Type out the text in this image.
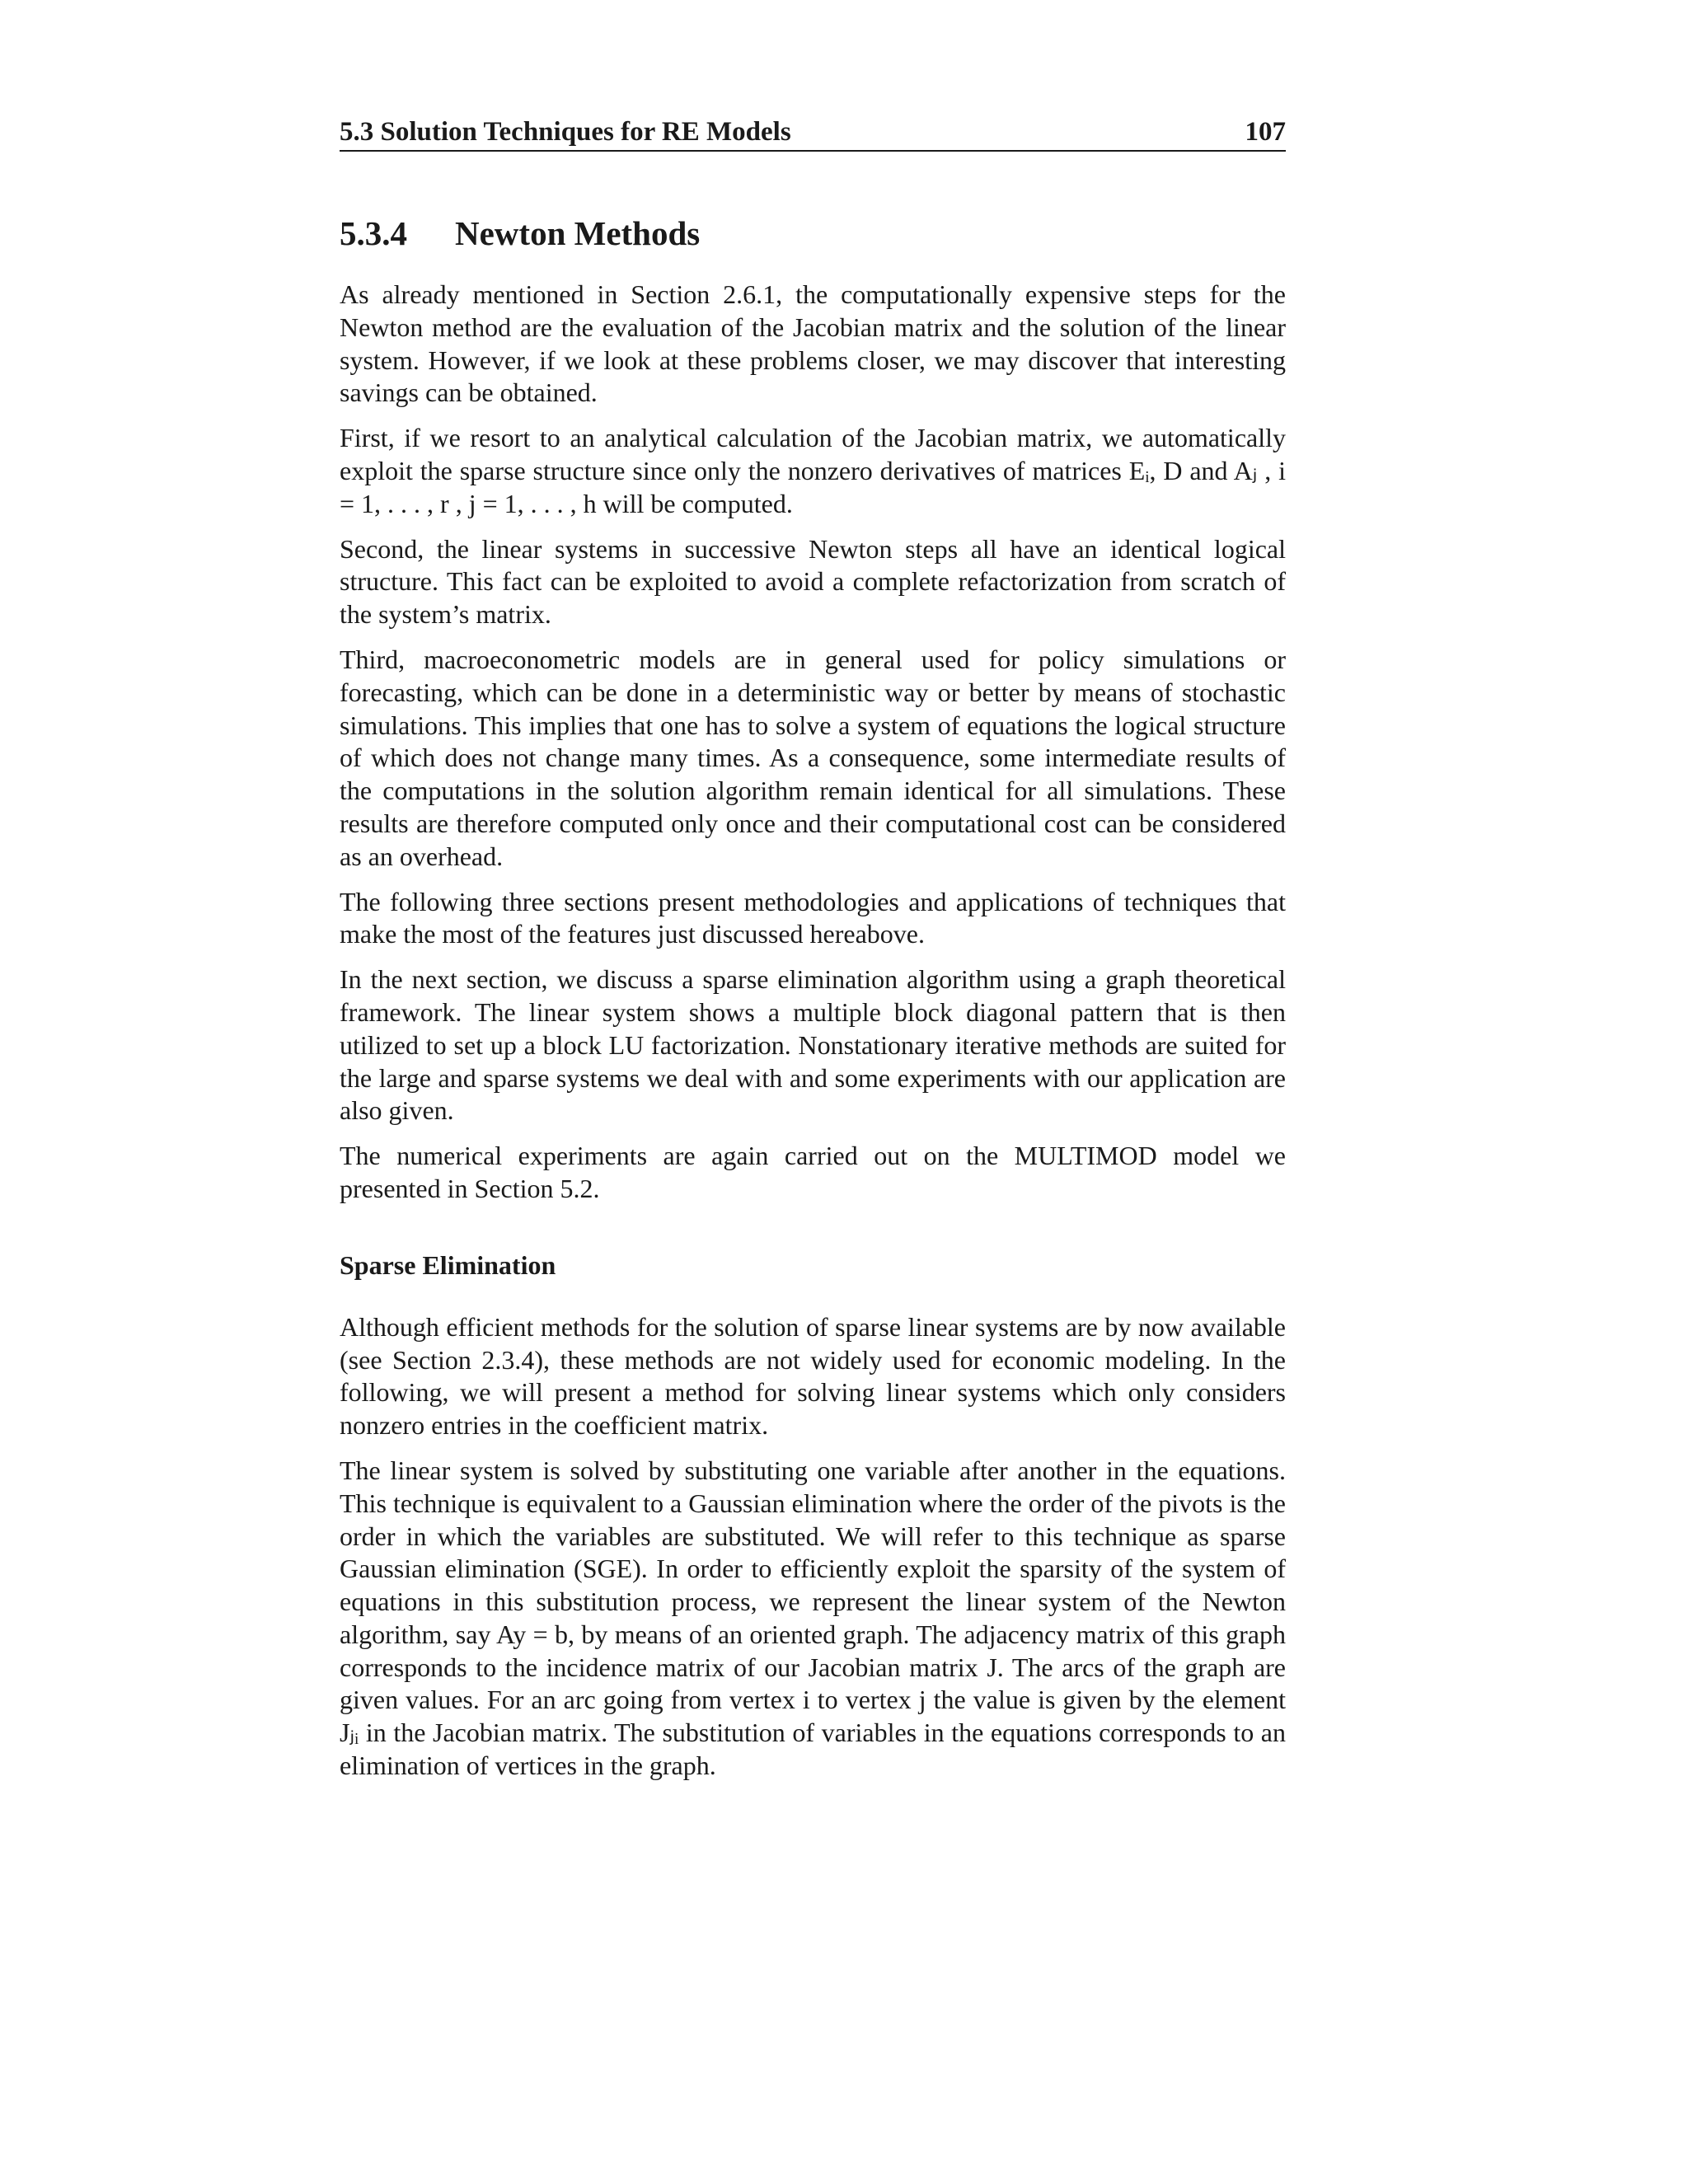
5.3 Solution Techniques for RE Models	107
5.3.4	Newton Methods

As already mentioned in Section 2.6.1, the computationally expensive steps for the Newton method are the evaluation of the Jacobian matrix and the solution of the linear system. However, if we look at these problems closer, we may discover that interesting savings can be obtained.

First, if we resort to an analytical calculation of the Jacobian matrix, we automatically exploit the sparse structure since only the nonzero derivatives of matrices Eᵢ, D and Aⱼ , i = 1, . . . , r , j = 1, . . . , h will be computed.

Second, the linear systems in successive Newton steps all have an identical logical structure. This fact can be exploited to avoid a complete refactorization from scratch of the system’s matrix.

Third, macroeconometric models are in general used for policy simulations or forecasting, which can be done in a deterministic way or better by means of stochastic simulations. This implies that one has to solve a system of equations the logical structure of which does not change many times. As a consequence, some intermediate results of the computations in the solution algorithm remain identical for all simulations. These results are therefore computed only once and their computational cost can be considered as an overhead.

The following three sections present methodologies and applications of techniques that make the most of the features just discussed hereabove.

In the next section, we discuss a sparse elimination algorithm using a graph theoretical framework. The linear system shows a multiple block diagonal pattern that is then utilized to set up a block LU factorization. Nonstationary iterative methods are suited for the large and sparse systems we deal with and some experiments with our application are also given.

The numerical experiments are again carried out on the MULTIMOD model we presented in Section 5.2.

Sparse Elimination

Although efficient methods for the solution of sparse linear systems are by now available (see Section 2.3.4), these methods are not widely used for economic modeling. In the following, we will present a method for solving linear systems which only considers nonzero entries in the coefficient matrix.

The linear system is solved by substituting one variable after another in the equations. This technique is equivalent to a Gaussian elimination where the order of the pivots is the order in which the variables are substituted. We will refer to this technique as sparse Gaussian elimination (SGE). In order to efficiently exploit the sparsity of the system of equations in this substitution process, we represent the linear system of the Newton algorithm, say Ay = b, by means of an oriented graph. The adjacency matrix of this graph corresponds to the incidence matrix of our Jacobian matrix J. The arcs of the graph are given values. For an arc going from vertex i to vertex j the value is given by the element Jⱼᵢ in the Jacobian matrix. The substitution of variables in the equations corresponds to an elimination of vertices in the graph.
